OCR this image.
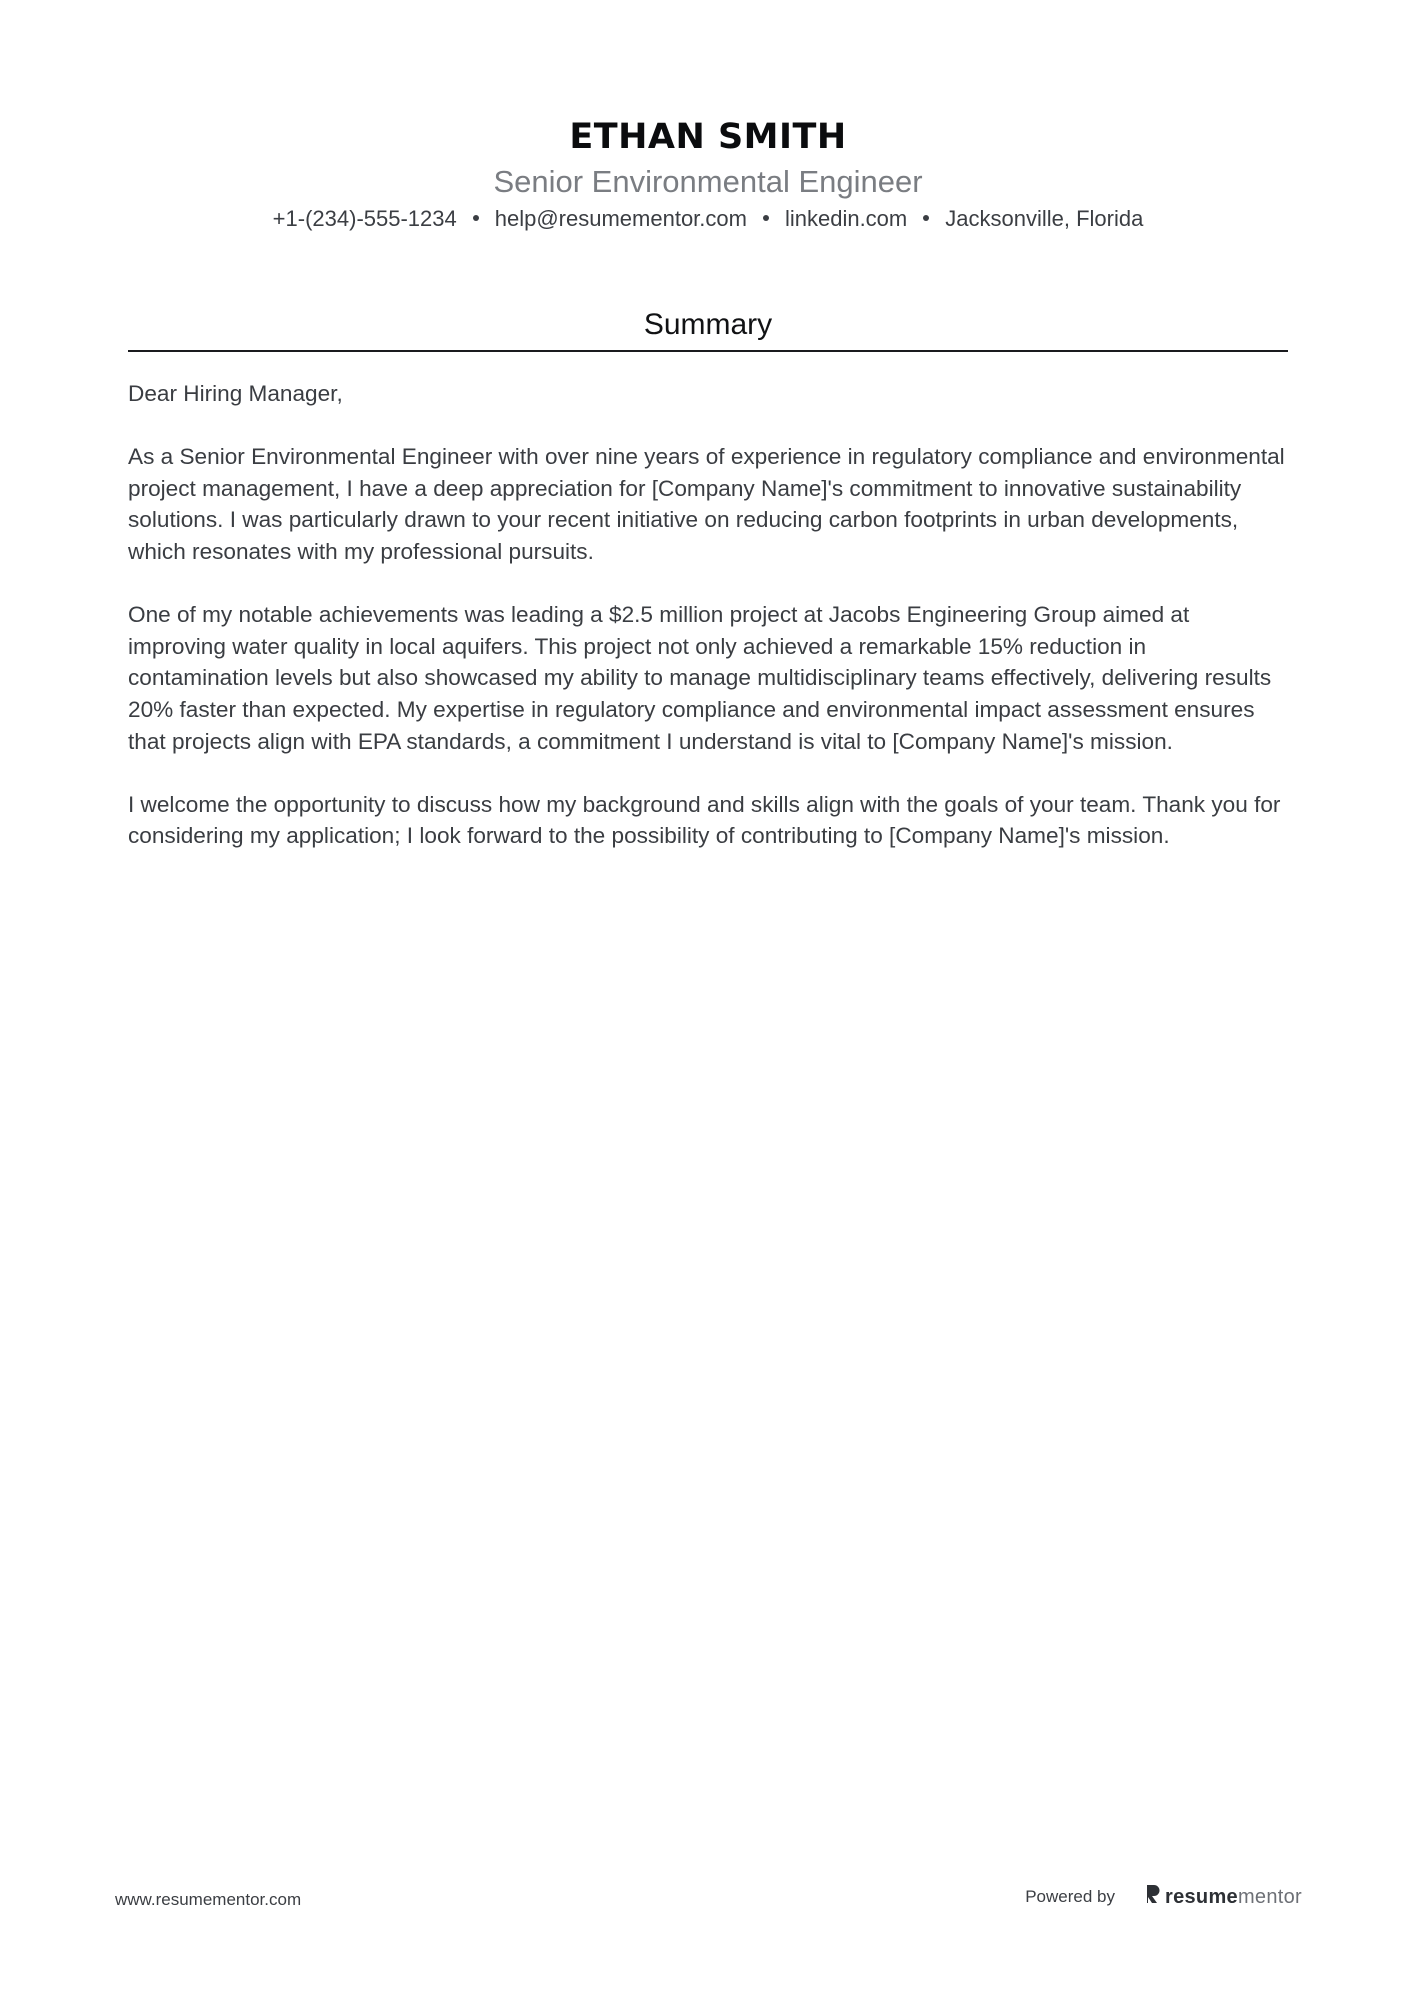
ETHAN SMITH
Senior Environmental Engineer
+1-(234)-555-1234 help@resumementor.com linkedin.com Jacksonville, Florida
Summary

Dear Hiring Manager,

As a Senior Environmental Engineer with over nine years of experience in regulatory compliance and environmental project management, I have a deep appreciation for [Company Name]'s commitment to innovative sustainability solutions. I was particularly drawn to your recent initiative on reducing carbon footprints in urban developments, which resonates with my professional pursuits.

One of my notable achievements was leading a $2.5 million project at Jacobs Engineering Group aimed at improving water quality in local aquifers. This project not only achieved a remarkable 15% reduction in contamination levels but also showcased my ability to manage multidisciplinary teams effectively, delivering results 20% faster than expected. My expertise in regulatory compliance and environmental impact assessment ensures that projects align with EPA standards, a commitment I understand is vital to [Company Name]'s mission.

I welcome the opportunity to discuss how my background and skills align with the goals of your team. Thank you for considering my application; I look forward to the possibility of contributing to [Company Name]'s mission.

www.resumementor.com	Powered by	resume mentor
